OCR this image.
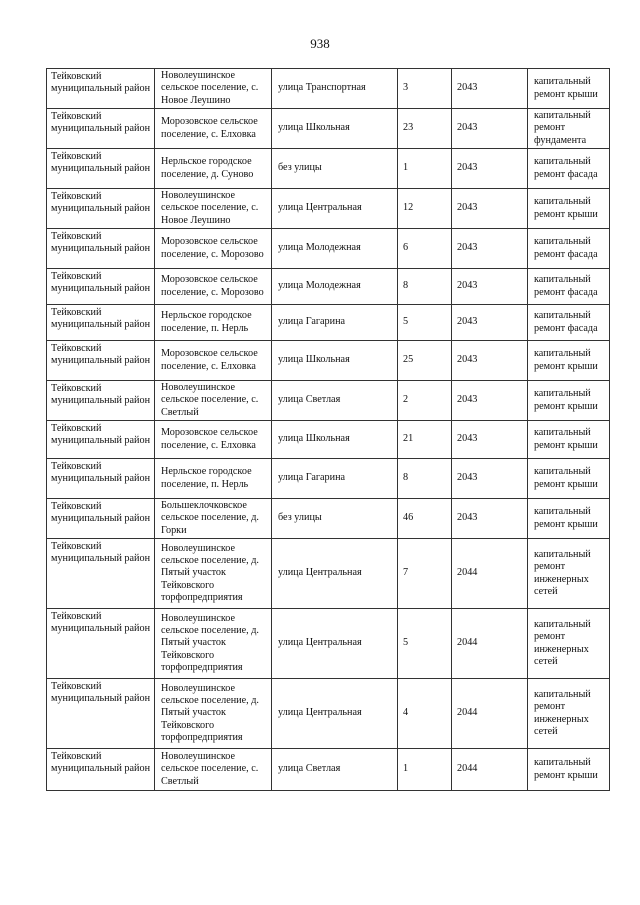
938
Тейковский муниципальный район	Новолеушинское сельское поселение, с. Новое Леушино	улица Транспортная	3	2043	капитальный ремонт крыши
Тейковский муниципальный район	Морозовское сельское поселение, с. Елховка	улица Школьная	23	2043	капитальный ремонт фундамента
Тейковский муниципальный район	Нерльское городское поселение, д. Суново	без улицы	1	2043	капитальный ремонт фасада
Тейковский муниципальный район	Новолеушинское сельское поселение, с. Новое Леушино	улица Центральная	12	2043	капитальный ремонт крыши
Тейковский муниципальный район	Морозовское сельское поселение, с. Морозово	улица Молодежная	6	2043	капитальный ремонт фасада
Тейковский муниципальный район	Морозовское сельское поселение, с. Морозово	улица Молодежная	8	2043	капитальный ремонт фасада
Тейковский муниципальный район	Нерльское городское поселение, п. Нерль	улица Гагарина	5	2043	капитальный ремонт фасада
Тейковский муниципальный район	Морозовское сельское поселение, с. Елховка	улица Школьная	25	2043	капитальный ремонт крыши
Тейковский муниципальный район	Новолеушинское сельское поселение, с. Светлый	улица Светлая	2	2043	капитальный ремонт крыши
Тейковский муниципальный район	Морозовское сельское поселение, с. Елховка	улица Школьная	21	2043	капитальный ремонт крыши
Тейковский муниципальный район	Нерльское городское поселение, п. Нерль	улица Гагарина	8	2043	капитальный ремонт крыши
Тейковский муниципальный район	Большеклочковское сельское поселение, д. Горки	без улицы	46	2043	капитальный ремонт крыши
Тейковский муниципальный район	Новолеушинское сельское поселение, д. Пятый участок Тейковского торфопредприятия	улица Центральная	7	2044	капитальный ремонт инженерных сетей
Тейковский муниципальный район	Новолеушинское сельское поселение, д. Пятый участок Тейковского торфопредприятия	улица Центральная	5	2044	капитальный ремонт инженерных сетей
Тейковский муниципальный район	Новолеушинское сельское поселение, д. Пятый участок Тейковского торфопредприятия	улица Центральная	4	2044	капитальный ремонт инженерных сетей
Тейковский муниципальный район	Новолеушинское сельское поселение, с. Светлый	улица Светлая	1	2044	капитальный ремонт крыши
